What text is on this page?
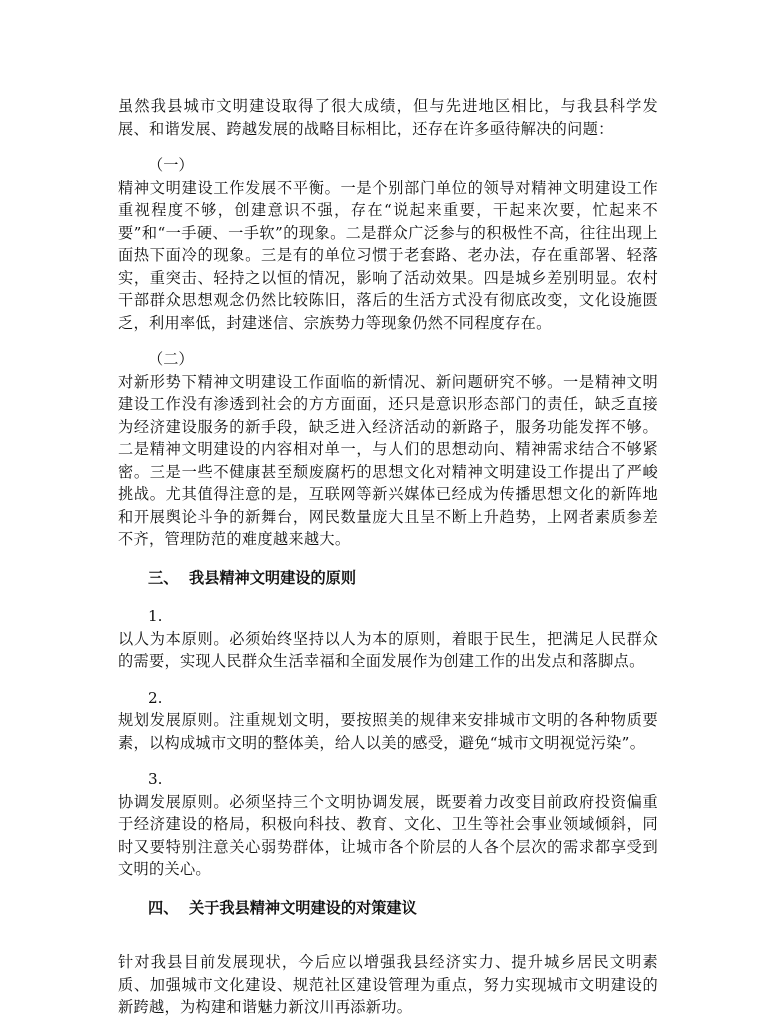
虽然我县城市文明建设取得了很大成绩，但与先进地区相比，与我县科学发展、和谐发展、跨越发展的战略目标相比，还存在许多亟待解决的问题：

（一）

精神文明建设工作发展不平衡。一是个别部门单位的领导对精神文明建设工作重视程度不够，创建意识不强，存在“说起来重要，干起来次要，忙起来不要”和“一手硬、一手软”的现象。二是群众广泛参与的积极性不高，往往出现上面热下面冷的现象。三是有的单位习惯于老套路、老办法，存在重部署、轻落实，重突击、轻持之以恒的情况，影响了活动效果。四是城乡差别明显。农村干部群众思想观念仍然比较陈旧，落后的生活方式没有彻底改变，文化设施匮乏，利用率低，封建迷信、宗族势力等现象仍然不同程度存在。

（二）

对新形势下精神文明建设工作面临的新情况、新问题研究不够。一是精神文明建设工作没有渗透到社会的方方面面，还只是意识形态部门的责任，缺乏直接为经济建设服务的新手段，缺乏进入经济活动的新路子，服务功能发挥不够。二是精神文明建设的内容相对单一，与人们的思想动向、精神需求结合不够紧密。三是一些不健康甚至颓废腐朽的思想文化对精神文明建设工作提出了严峻挑战。尤其值得注意的是，互联网等新兴媒体已经成为传播思想文化的新阵地和开展舆论斗争的新舞台，网民数量庞大且呈不断上升趋势，上网者素质参差不齐，管理防范的难度越来越大。

三、  我县精神文明建设的原则

1.

以人为本原则。必须始终坚持以人为本的原则，着眼于民生，把满足人民群众的需要，实现人民群众生活幸福和全面发展作为创建工作的出发点和落脚点。

2.

规划发展原则。注重规划文明，要按照美的规律来安排城市文明的各种物质要素，以构成城市文明的整体美，给人以美的感受，避免“城市文明视觉污染”。

3.

协调发展原则。必须坚持三个文明协调发展，既要着力改变目前政府投资偏重于经济建设的格局，积极向科技、教育、文化、卫生等社会事业领域倾斜，同时又要特别注意关心弱势群体，让城市各个阶层的人各个层次的需求都享受到文明的关心。

四、  关于我县精神文明建设的对策建议

针对我县目前发展现状，今后应以增强我县经济实力、提升城乡居民文明素质、加强城市文化建设、规范社区建设管理为重点，努力实现城市文明建设的新跨越，为构建和谐魅力新汶川再添新功。
